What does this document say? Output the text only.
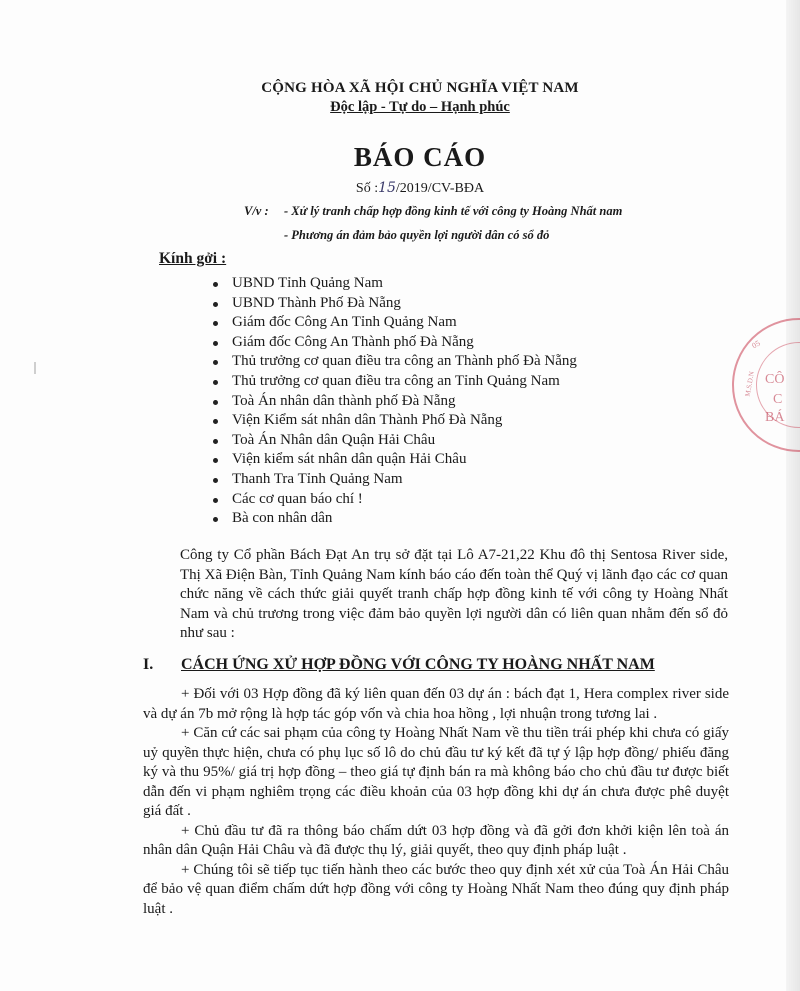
CỘNG HÒA XÃ HỘI CHỦ NGHĨA VIỆT NAM
Độc lập - Tự do – Hạnh phúc
BÁO CÁO
Số :15/2019/CV-BĐA
V/v : - Xử lý tranh chấp hợp đồng kinh tế với công ty Hoàng Nhất nam
- Phương án đảm bảo quyền lợi người dân có sổ đỏ
Kính gởi :
UBND Tỉnh Quảng Nam
UBND Thành Phố Đà Nẵng
Giám đốc Công An Tỉnh Quảng Nam
Giám đốc Công An Thành phố Đà Nẵng
Thủ trưởng cơ quan điều tra công an Thành phố Đà Nẵng
Thủ trưởng cơ quan điều tra công an Tỉnh Quảng Nam
Toà Án nhân dân thành phố Đà Nẵng
Viện Kiểm sát nhân dân Thành Phố Đà Nẵng
Toà Án Nhân dân Quận Hải Châu
Viện kiểm sát nhân dân quận Hải Châu
Thanh Tra Tỉnh Quảng Nam
Các cơ quan báo chí !
Bà con nhân dân
Công ty Cổ phần Bách Đạt An trụ sở đặt tại Lô A7-21,22 Khu đô thị Sentosa River side, Thị Xã Điện Bàn, Tỉnh Quảng Nam kính báo cáo đến toàn thể Quý vị lãnh đạo các cơ quan chức năng về cách thức giải quyết tranh chấp hợp đồng kinh tế với công ty Hoàng Nhất Nam và chủ trương trong việc đảm bảo quyền lợi người dân có liên quan nhằm đến sổ đỏ như sau :
I. CÁCH ỨNG XỬ HỢP ĐỒNG VỚI CÔNG TY HOÀNG NHẤT NAM

+ Đối với 03 Hợp đồng đã ký liên quan đến 03 dự án : bách đạt 1, Hera complex river side và dự án 7b mở rộng là hợp tác góp vốn và chia hoa hồng , lợi nhuận trong tương lai .

+ Căn cứ các sai phạm của công ty Hoàng Nhất Nam về thu tiền trái phép khi chưa có giấy uỷ quyền thực hiện, chưa có phụ lục số lô do chủ đầu tư ký kết đã tự ý lập hợp đồng/ phiếu đăng ký và thu 95%/ giá trị hợp đồng – theo giá tự định bán ra mà không báo cho chủ đầu tư được biết dẫn đến vi phạm nghiêm trọng các điều khoản của 03 hợp đồng khi dự án chưa được phê duyệt giá đất .

+ Chủ đầu tư đã ra thông báo chấm dứt 03 hợp đồng và đã gởi đơn khởi kiện lên toà án nhân dân Quận Hải Châu và đã được thụ lý, giải quyết, theo quy định pháp luật .

+ Chúng tôi sẽ tiếp tục tiến hành theo các bước theo quy định xét xử của Toà Án Hải Châu để bảo vệ quan điểm chấm dứt hợp đồng với công ty Hoàng Nhất Nam theo đúng quy định pháp luật .

CÔ
C
BÁ
M.S.D.N
05
